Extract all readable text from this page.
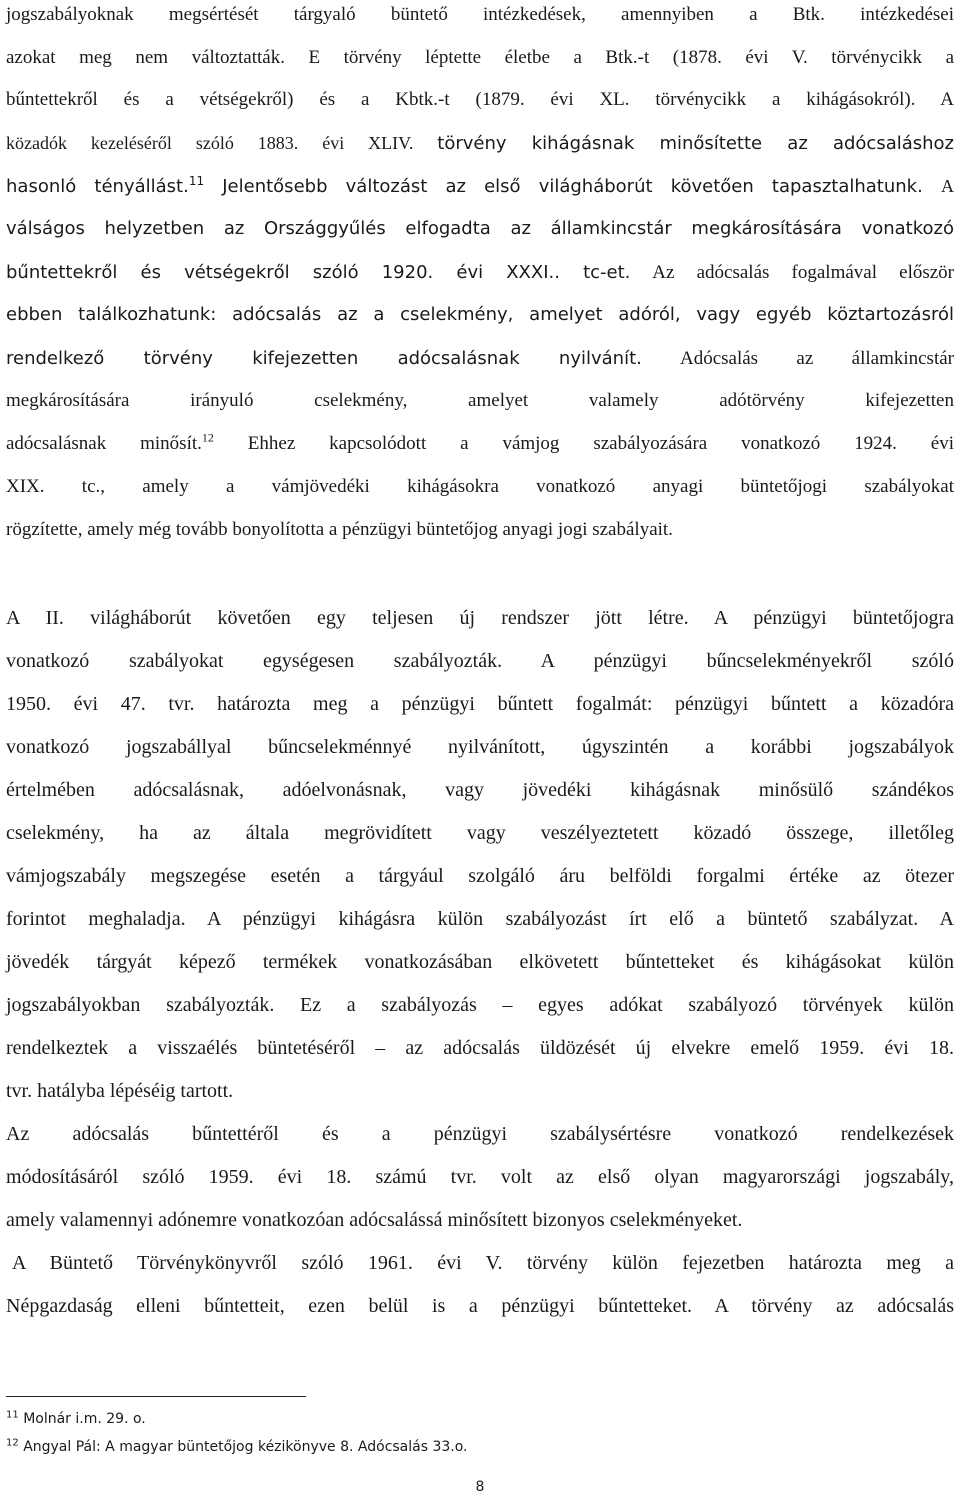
jogszabályoknak megsértését tárgyaló büntető intézkedések, amennyiben a Btk. intézkedései
azokat meg nem változtatták. E törvény léptette életbe a Btk.-t (1878. évi V. törvénycikk a
bűntettekről és a vétségekről) és a Kbtk.-t (1879. évi XL. törvénycikk a kihágásokról). A
közadók kezeléséről szóló 1883. évi XLIV. törvény kihágásnak minősítette az adócsaláshoz
hasonló tényállást.$^{11}$ Jelentősebb változást az első világháborút követően tapasztalhatunk. A
válságos helyzetben az Országgyűlés elfogadta az államkincstár megkárosítására vonatkozó
bűntettekről és vétségekről szóló 1920. évi XXXI.. tc-et. Az adócsalás fogalmával először
ebben találkozhatunk: adócsalás az a cselekmény, amelyet adóról, vagy egyéb köztartozásról
rendelkező törvény kifejezetten adócsalásnak nyilvánít. Adócsalás az államkincstár
megkárosítására irányuló cselekmény, amelyet valamely adótörvény kifejezetten
adócsalásnak minősít.$^{12}$ Ehhez kapcsolódott a vámjog szabályozására vonatkozó 1924. évi
XIX. tc., amely a vámjövedéki kihágásokra vonatkozó anyagi büntetőjogi szabályokat
rögzítette, amely még tovább bonyolította a pénzügyi büntetőjog anyagi jogi szabályait.
A II. világháborút követően egy teljesen új rendszer jött létre. A pénzügyi büntetőjogra
vonatkozó szabályokat egységesen szabályozták. A pénzügyi bűncselekményekről szóló
1950. évi 47. tvr. határozta meg a pénzügyi bűntett fogalmát: pénzügyi bűntett a közadóra
vonatkozó jogszabállyal bűncselekménnyé nyilvánított, úgyszintén a korábbi jogszabályok
értelmében adócsalásnak, adóelvonásnak, vagy jövedéki kihágásnak minősülő szándékos
cselekmény, ha az általa megrövidített vagy veszélyeztetett közadó összege, illetőleg
vámjogszabály megszegése esetén a tárgyául szolgáló áru belföldi forgalmi értéke az ötezer
forintot meghaladja. A pénzügyi kihágásra külön szabályozást írt elő a büntető szabályzat. A
jövedék tárgyát képező termékek vonatkozásában elkövetett bűntetteket és kihágásokat külön
jogszabályokban szabályozták. Ez a szabályozás – egyes adókat szabályozó törvények külön
rendelkeztek a visszaélés büntetéséről – az adócsalás üldözését új elvekre emelő 1959. évi 18.
tvr. hatályba lépéséig tartott.
Az adócsalás bűntettéről és a pénzügyi szabálysértésre vonatkozó rendelkezések
módosításáról szóló 1959. évi 18. számú tvr. volt az első olyan magyarországi jogszabály,
amely valamennyi adónemre vonatkozóan adócsalássá minősített bizonyos cselekményeket.
A Büntető Törvénykönyvről szóló 1961. évi V. törvény külön fejezetben határozta meg a
Népgazdaság elleni bűntetteit, ezen belül is a pénzügyi bűntetteket. A törvény az adócsalás
$^{11}$ Molnár i.m. 29. o.
$^{12}$ Angyal Pál: A magyar büntetőjog kézikönyve 8. Adócsalás 33.o.
8
